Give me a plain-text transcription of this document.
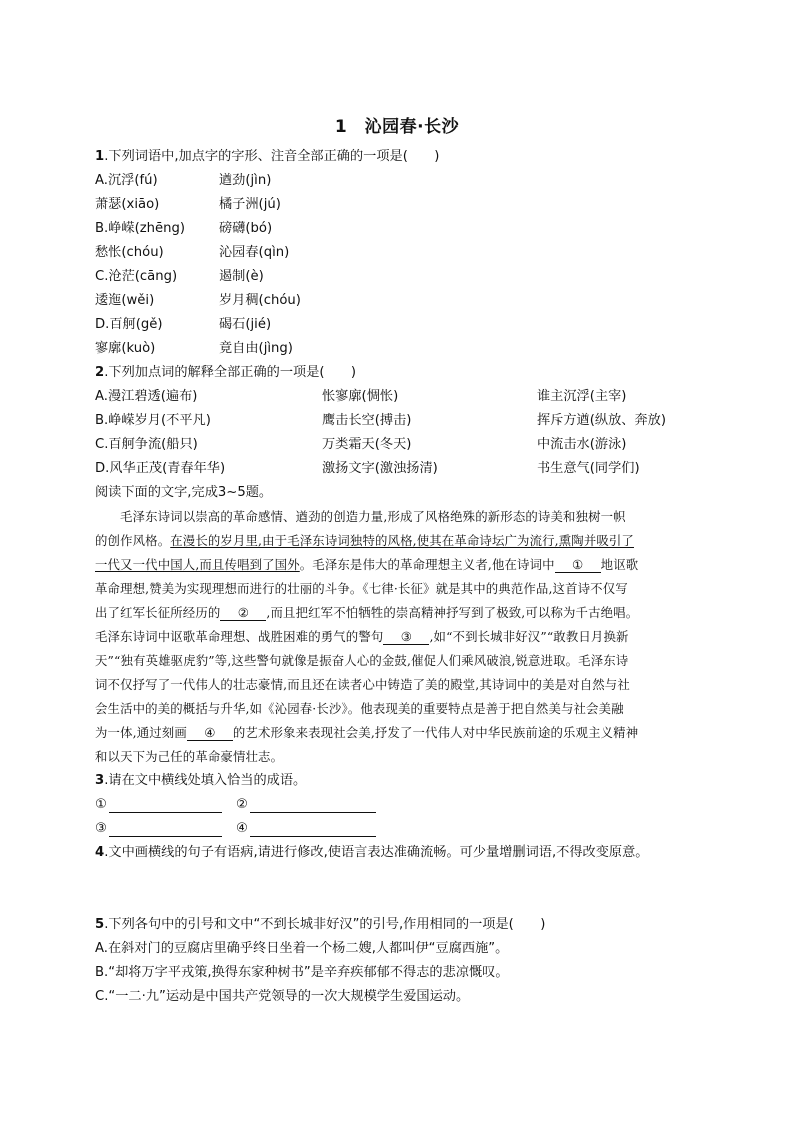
1　沁园春·长沙
1.下列词语中,加点字的字形、注音全部正确的一项是(　　)
A.沉浮(fú)	遒劲(jìn)
萧瑟(xiāo)	橘子洲(jú)
B.峥嵘(zhēng)	磅礴(bó)
愁怅(chóu)	沁园春(qìn)
C.沧茫(cāng)	遏制(è)
逶迤(wěi)	岁月稠(chóu)
D.百舸(gě)	碣石(jié)
寥廓(kuò)	竟自由(jìng)
2.下列加点词的解释全部正确的一项是(　　)
A.漫江碧透(遍布)	怅寥廓(惆怅)	谁主沉浮(主宰)
B.峥嵘岁月(不平凡)	鹰击长空(搏击)	挥斥方遒(纵放、奔放)
C.百舸争流(船只)	万类霜天(冬天)	中流击水(游泳)
D.风华正茂(青春年华)	激扬文字(激浊扬清)	书生意气(同学们)
阅读下面的文字,完成3~5题。
毛泽东诗词以崇高的革命感情、遒劲的创造力量,形成了风格绝殊的新形态的诗美和独树一帜
的创作风格。在漫长的岁月里,由于毛泽东诗词独特的风格,使其在革命诗坛广为流行,熏陶并吸引了
一代又一代中国人,而且传唱到了国外。毛泽东是伟大的革命理想主义者,他在诗词中 ① 地讴歌
革命理想,赞美为实现理想而进行的壮丽的斗争。《七律·长征》就是其中的典范作品,这首诗不仅写
出了红军长征所经历的 ② ,而且把红军不怕牺牲的崇高精神抒写到了极致,可以称为千古绝唱。
毛泽东诗词中讴歌革命理想、战胜困难的勇气的警句 ③ ,如“不到长城非好汉”“敢教日月换新
天”“独有英雄驱虎豹”等,这些警句就像是振奋人心的金鼓,催促人们乘风破浪,锐意进取。毛泽东诗
词不仅抒写了一代伟人的壮志豪情,而且还在读者心中铸造了美的殿堂,其诗词中的美是对自然与社
会生活中的美的概括与升华,如《沁园春·长沙》。他表现美的重要特点是善于把自然美与社会美融
为一体,通过刻画 ④ 的艺术形象来表现社会美,抒发了一代伟人对中华民族前途的乐观主义精神
和以天下为己任的革命豪情壮志。
3.请在文中横线处填入恰当的成语。
①	②
③	④
4.文中画横线的句子有语病,请进行修改,使语言表达准确流畅。可少量增删词语,不得改变原意。
5.下列各句中的引号和文中“不到长城非好汉”的引号,作用相同的一项是(　　)
A.在斜对门的豆腐店里确乎终日坐着一个杨二嫂,人都叫伊“豆腐西施”。
B.“却将万字平戎策,换得东家种树书”是辛弃疾郁郁不得志的悲凉慨叹。
C.“一二·九”运动是中国共产党领导的一次大规模学生爱国运动。
